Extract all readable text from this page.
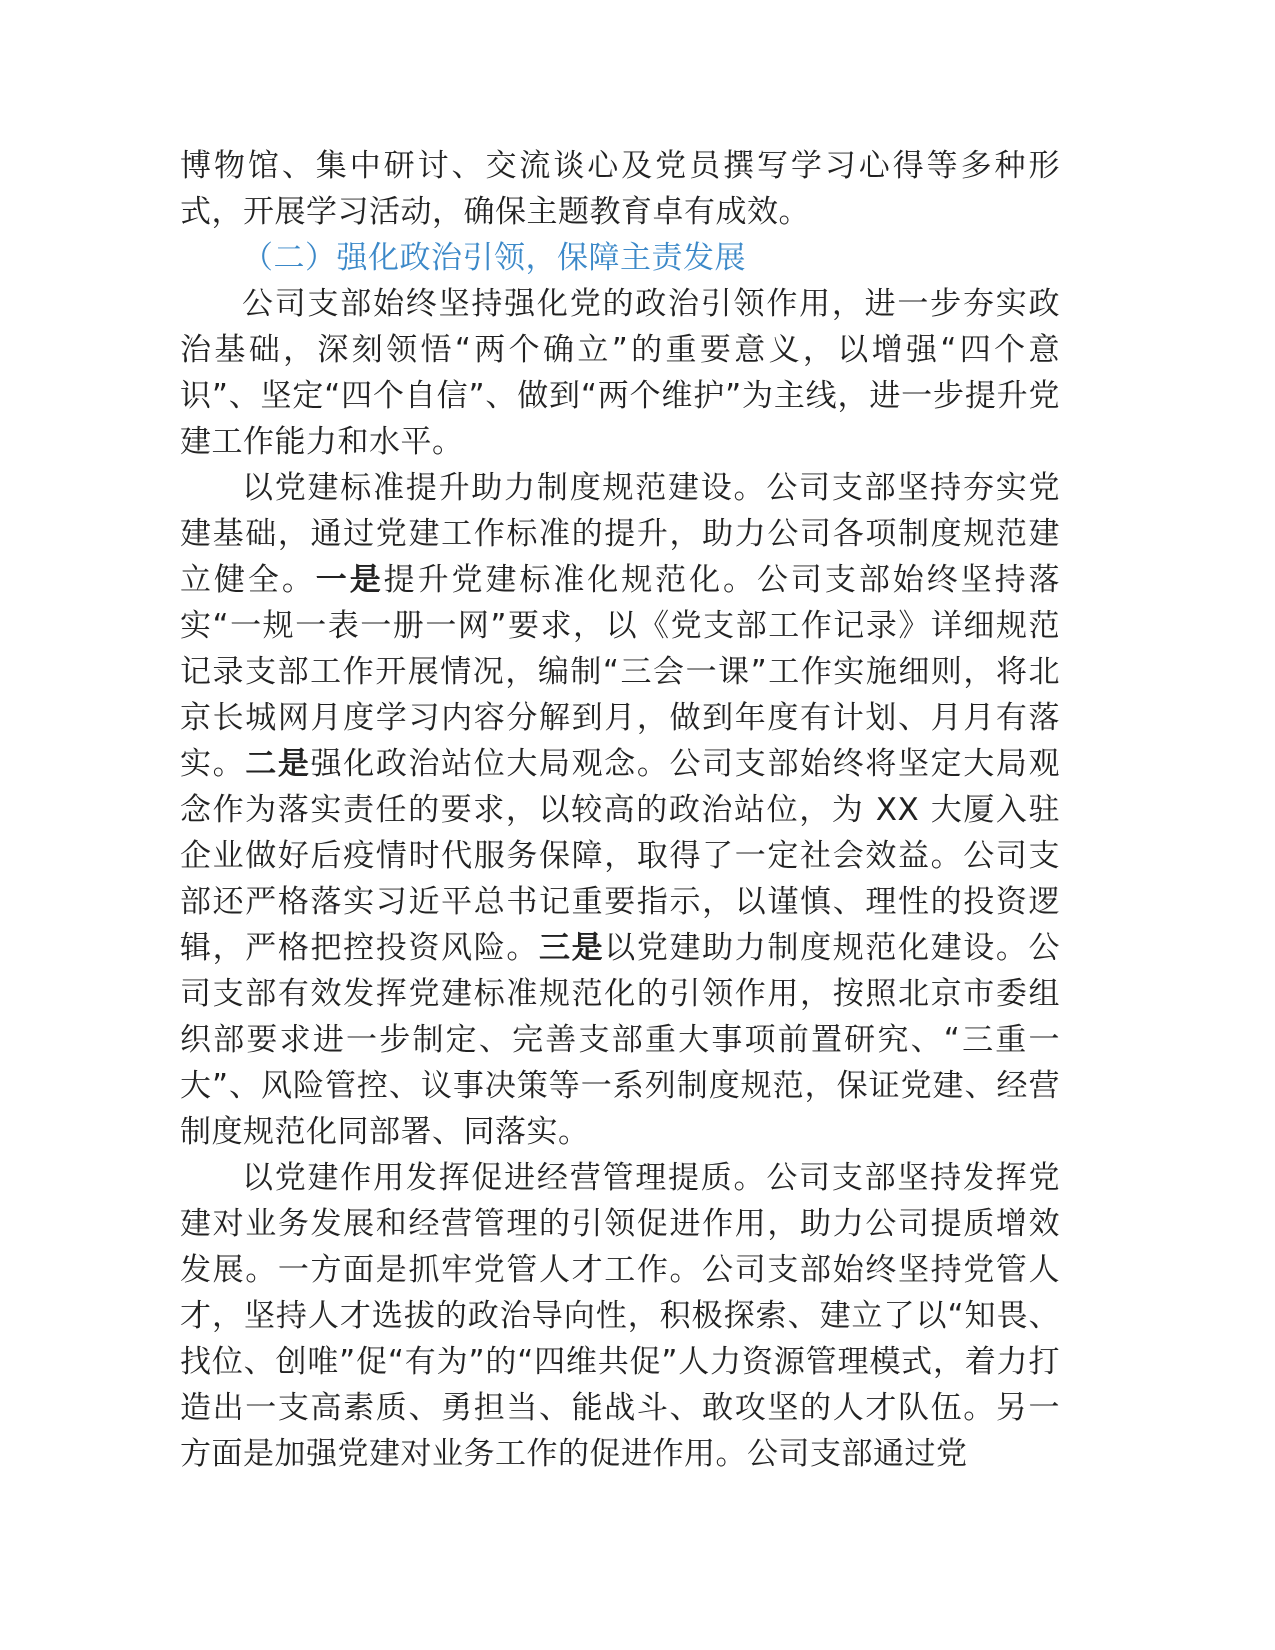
博物馆、集中研讨、交流谈心及党员撰写学习心得等多种形式，开展学习活动，确保主题教育卓有成效。

（二）强化政治引领，保障主责发展

公司支部始终坚持强化党的政治引领作用，进一步夯实政治基础，深刻领悟“两个确立”的重要意义，以增强“四个意识”、坚定“四个自信”、做到“两个维护”为主线，进一步提升党建工作能力和水平。

以党建标准提升助力制度规范建设。公司支部坚持夯实党建基础，通过党建工作标准的提升，助力公司各项制度规范建立健全。一是提升党建标准化规范化。公司支部始终坚持落实“一规一表一册一网”要求，以《党支部工作记录》详细规范记录支部工作开展情况，编制“三会一课”工作实施细则，将北京长城网月度学习内容分解到月，做到年度有计划、月月有落实。二是强化政治站位大局观念。公司支部始终将坚定大局观念作为落实责任的要求，以较高的政治站位，为 XX 大厦入驻企业做好后疫情时代服务保障，取得了一定社会效益。公司支部还严格落实习近平总书记重要指示，以谨慎、理性的投资逻辑，严格把控投资风险。三是以党建助力制度规范化建设。公司支部有效发挥党建标准规范化的引领作用，按照北京市委组织部要求进一步制定、完善支部重大事项前置研究、“三重一大”、风险管控、议事决策等一系列制度规范，保证党建、经营制度规范化同部署、同落实。

以党建作用发挥促进经营管理提质。公司支部坚持发挥党建对业务发展和经营管理的引领促进作用，助力公司提质增效发展。一方面是抓牢党管人才工作。公司支部始终坚持党管人才，坚持人才选拔的政治导向性，积极探索、建立了以“知畏、找位、创唯”促“有为”的“四维共促”人力资源管理模式，着力打造出一支高素质、勇担当、能战斗、敢攻坚的人才队伍。另一方面是加强党建对业务工作的促进作用。公司支部通过党
